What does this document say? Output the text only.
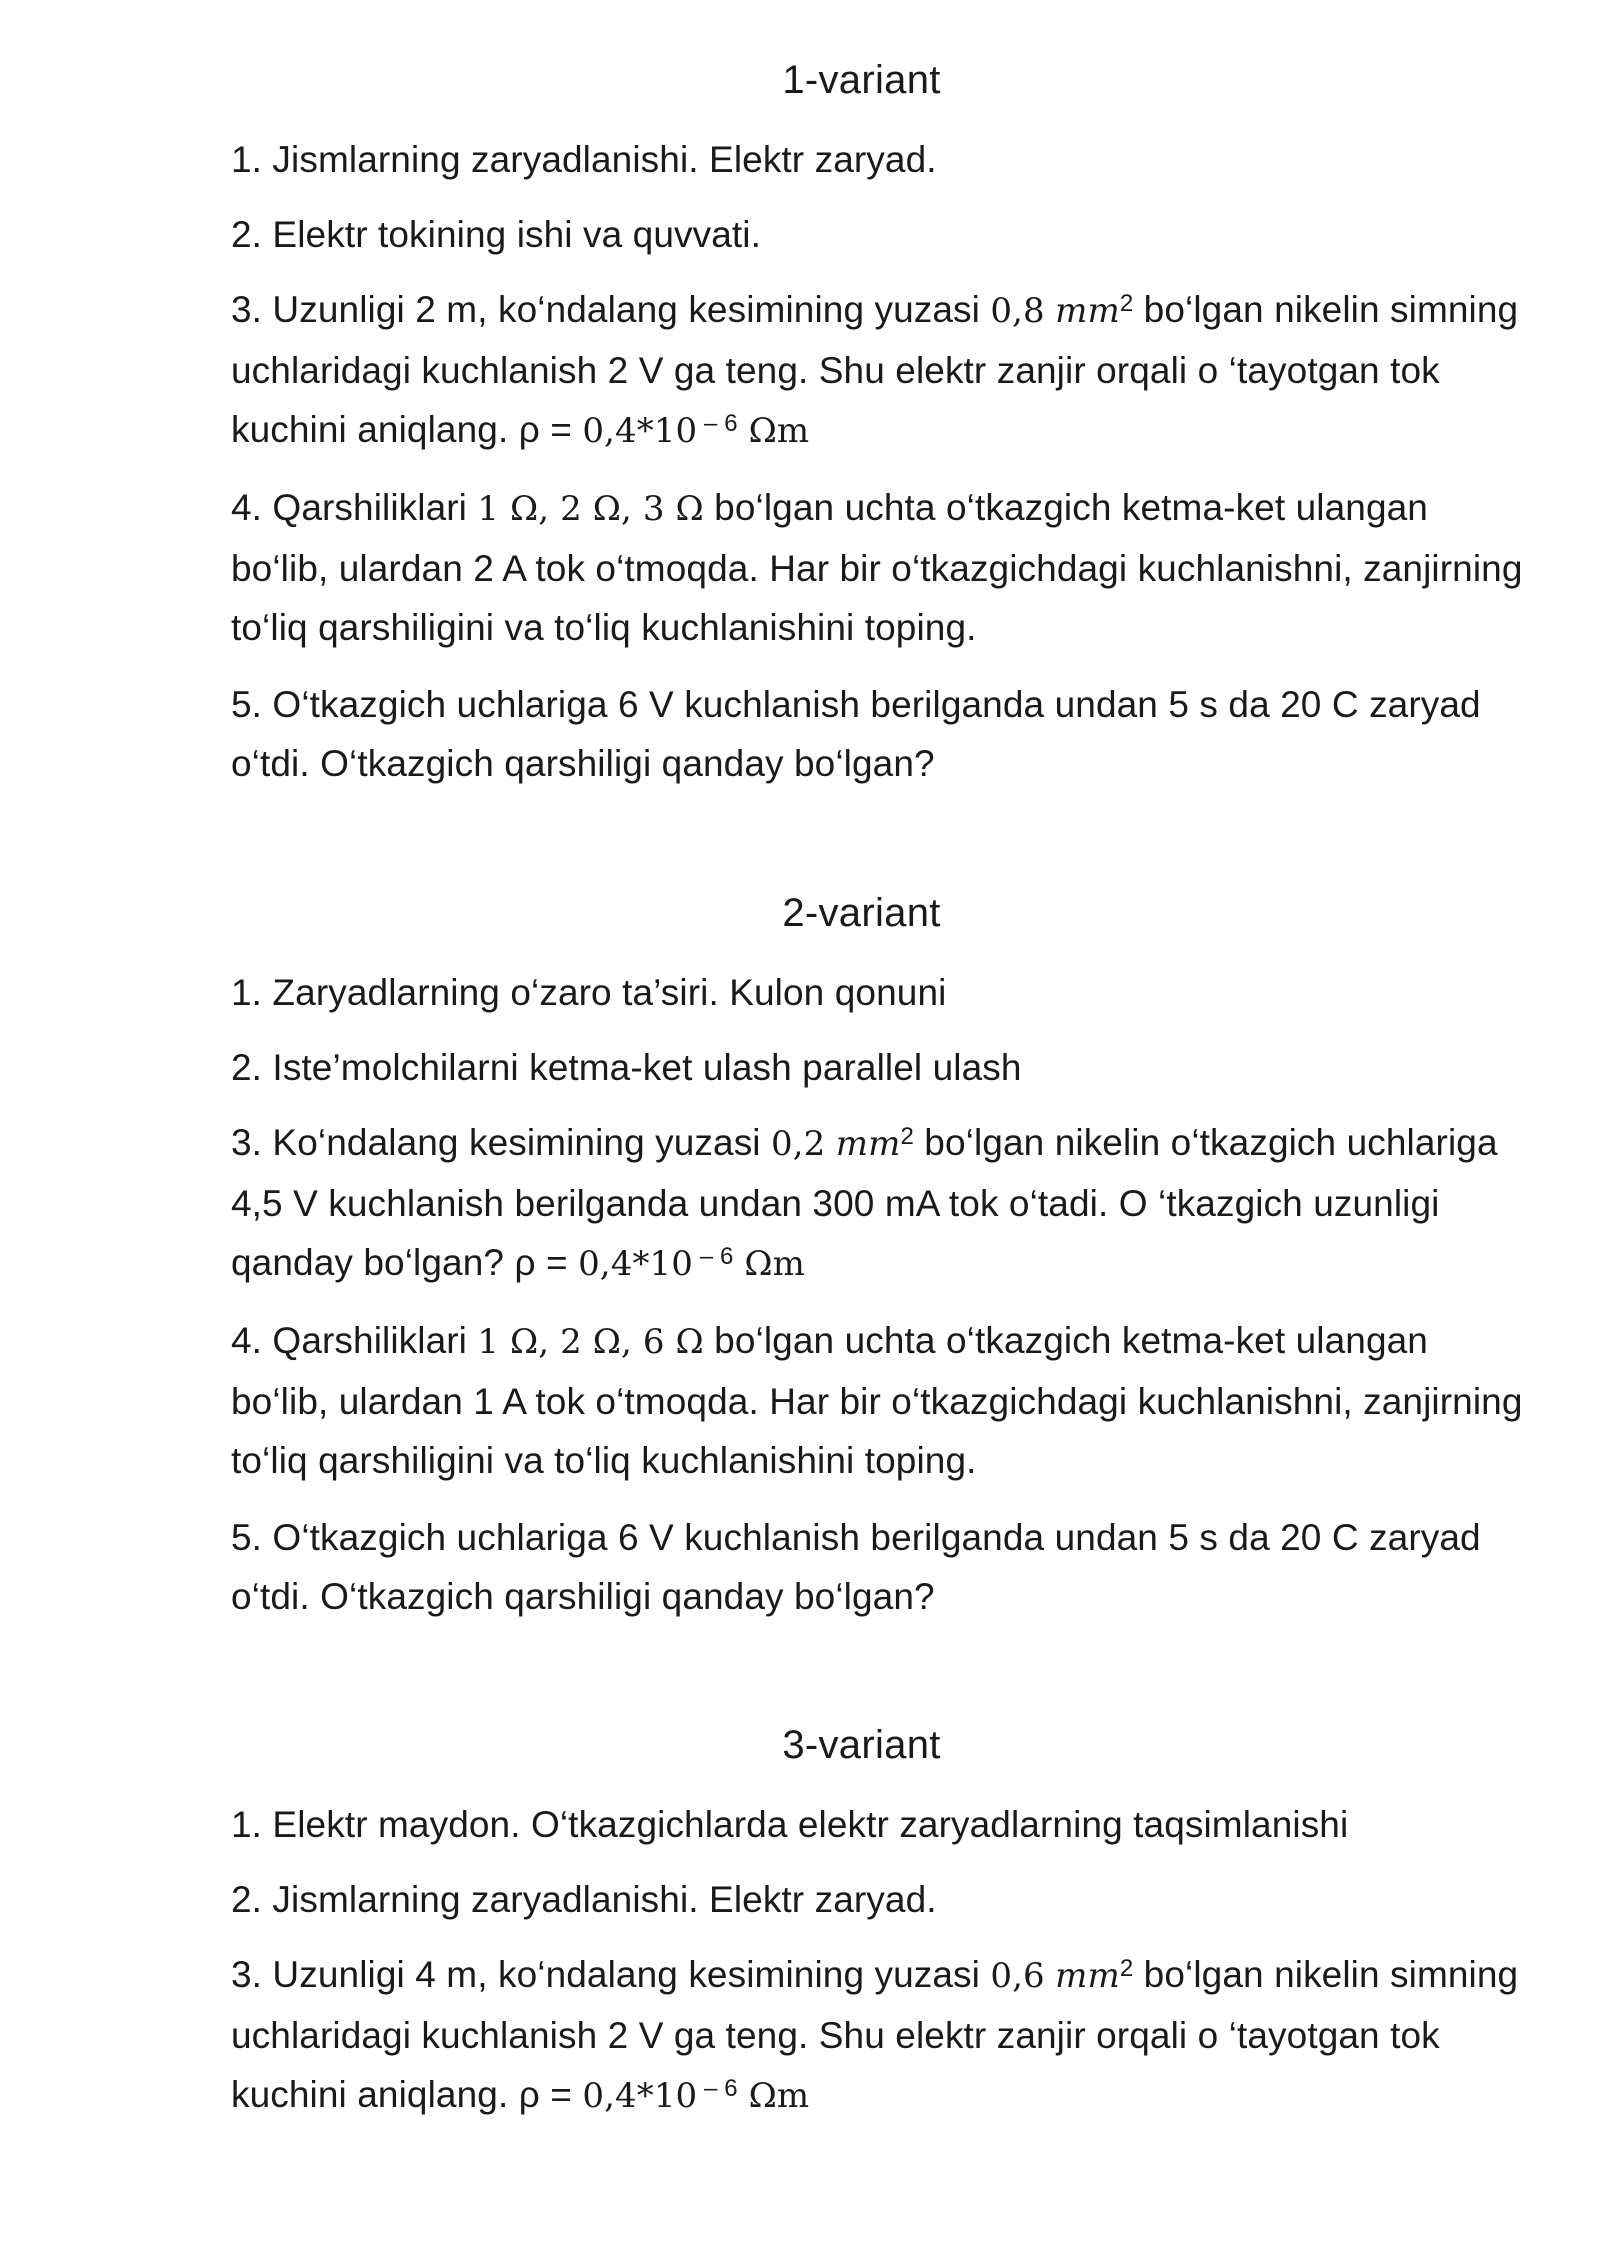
1-variant
1. Jismlarning zaryadlanishi. Elektr zaryad.
2. Elektr tokining ishi va quvvati.
3. Uzunligi 2 m, ko‘ndalang kesimining yuzasi 0,8 $mm^2$ bo‘lgan nikelin simning uchlaridagi kuchlanish 2 V ga teng. Shu elektr zanjir orqali o ‘tayotgan tok kuchini aniqlang. ρ = 0,4*10 $^{- 6}$ Ωm
4. Qarshiliklari 1 Ω, 2 Ω, 3 Ω bo‘lgan uchta o‘tkazgich ketma-ket ulangan bo‘lib, ulardan 2 A tok o‘tmoqda. Har bir o‘tkazgichdagi kuchlanishni, zanjirning to‘liq qarshiligini va to‘liq kuchlanishini toping.
5. O‘tkazgich uchlariga 6 V kuchlanish berilganda undan 5 s da 20 C zaryad o‘tdi. O‘tkazgich qarshiligi qanday bo‘lgan?
2-variant
1. Zaryadlarning o‘zaro ta’siri. Kulon qonuni
2. Iste’molchilarni ketma-ket ulash parallel ulash
3. Ko‘ndalang kesimining yuzasi 0,2 $mm^2$ bo‘lgan nikelin o‘tkazgich uchlariga 4,5 V kuchlanish berilganda undan 300 mA tok o‘tadi. O ‘tkazgich uzunligi qanday bo‘lgan? ρ = 0,4*10 $^{- 6}$ Ωm
4. Qarshiliklari 1 Ω, 2 Ω, 6 Ω bo‘lgan uchta o‘tkazgich ketma-ket ulangan bo‘lib, ulardan 1 A tok o‘tmoqda. Har bir o‘tkazgichdagi kuchlanishni, zanjirning to‘liq qarshiligini va to‘liq kuchlanishini toping.
5. O‘tkazgich uchlariga 6 V kuchlanish berilganda undan 5 s da 20 C zaryad o‘tdi. O‘tkazgich qarshiligi qanday bo‘lgan?
3-variant
1. Elektr maydon. O‘tkazgichlarda elektr zaryadlarning taqsimlanishi
2. Jismlarning zaryadlanishi. Elektr zaryad.
3. Uzunligi 4 m, ko‘ndalang kesimining yuzasi 0,6 $mm^2$ bo‘lgan nikelin simning uchlaridagi kuchlanish 2 V ga teng. Shu elektr zanjir orqali o ‘tayotgan tok kuchini aniqlang. ρ = 0,4*10 $^{- 6}$ Ωm
